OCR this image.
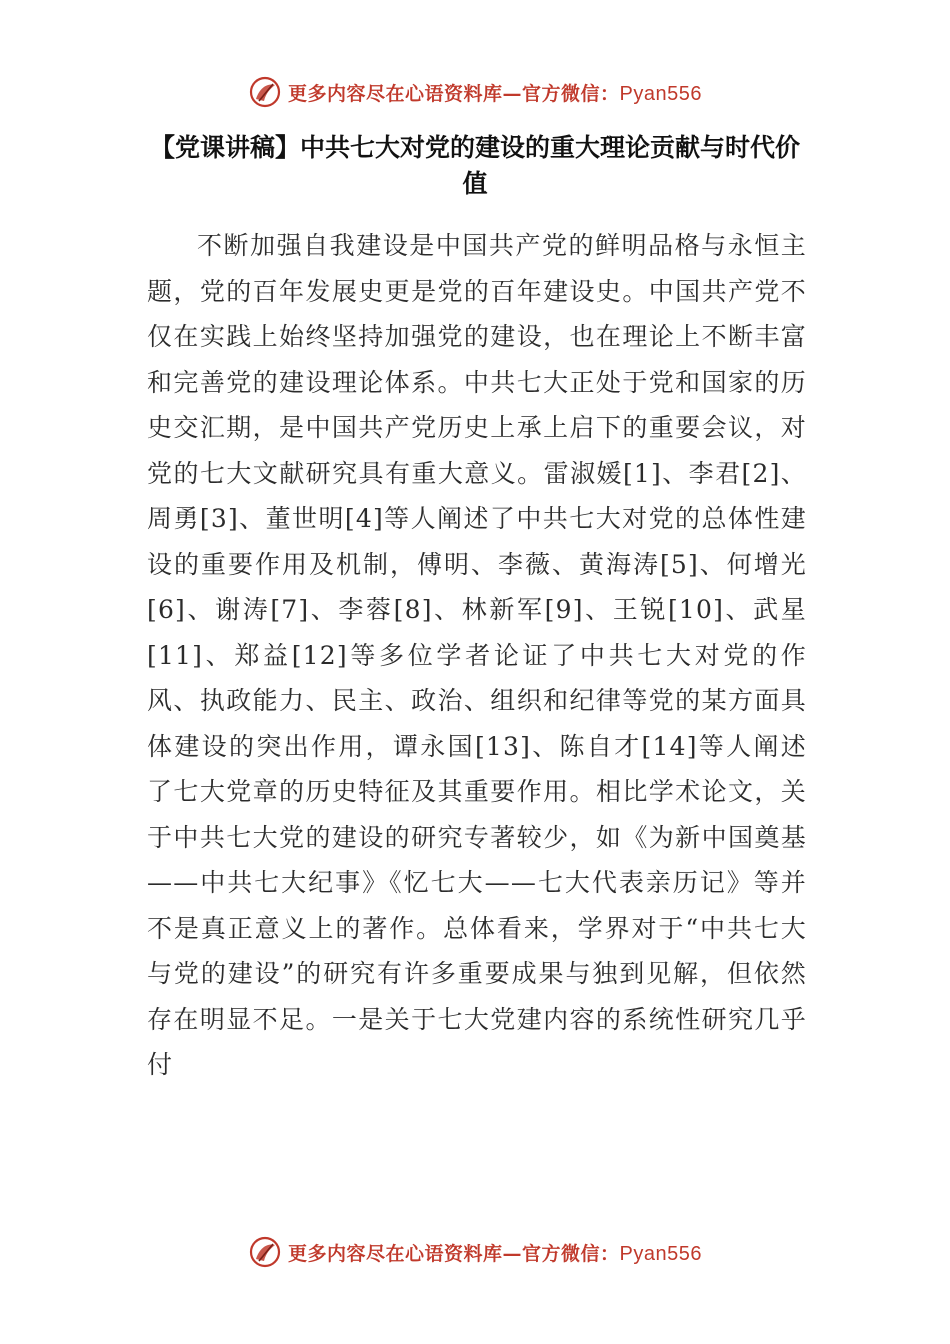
更多内容尽在心语资料库—官方微信：Pyan556
【党课讲稿】中共七大对党的建设的重大理论贡献与时代价值

不断加强自我建设是中国共产党的鲜明品格与永恒主题，党的百年发展史更是党的百年建设史。中国共产党不仅在实践上始终坚持加强党的建设，也在理论上不断丰富和完善党的建设理论体系。中共七大正处于党和国家的历史交汇期，是中国共产党历史上承上启下的重要会议，对党的七大文献研究具有重大意义。雷淑媛[1]、李君[2]、周勇[3]、董世明[4]等人阐述了中共七大对党的总体性建设的重要作用及机制，傅明、李薇、黄海涛[5]、何增光[6]、谢涛[7]、李蓉[8]、林新军[9]、王锐[10]、武星[11]、郑益[12]等多位学者论证了中共七大对党的作风、执政能力、民主、政治、组织和纪律等党的某方面具体建设的突出作用，谭永国[13]、陈自才[14]等人阐述了七大党章的历史特征及其重要作用。相比学术论文，关于中共七大党的建设的研究专著较少，如《为新中国奠基——中共七大纪事》《忆七大——七大代表亲历记》等并不是真正意义上的著作。总体看来，学界对于“中共七大与党的建设”的研究有许多重要成果与独到见解，但依然存在明显不足。一是关于七大党建内容的系统性研究几乎付

更多内容尽在心语资料库—官方微信：Pyan556
